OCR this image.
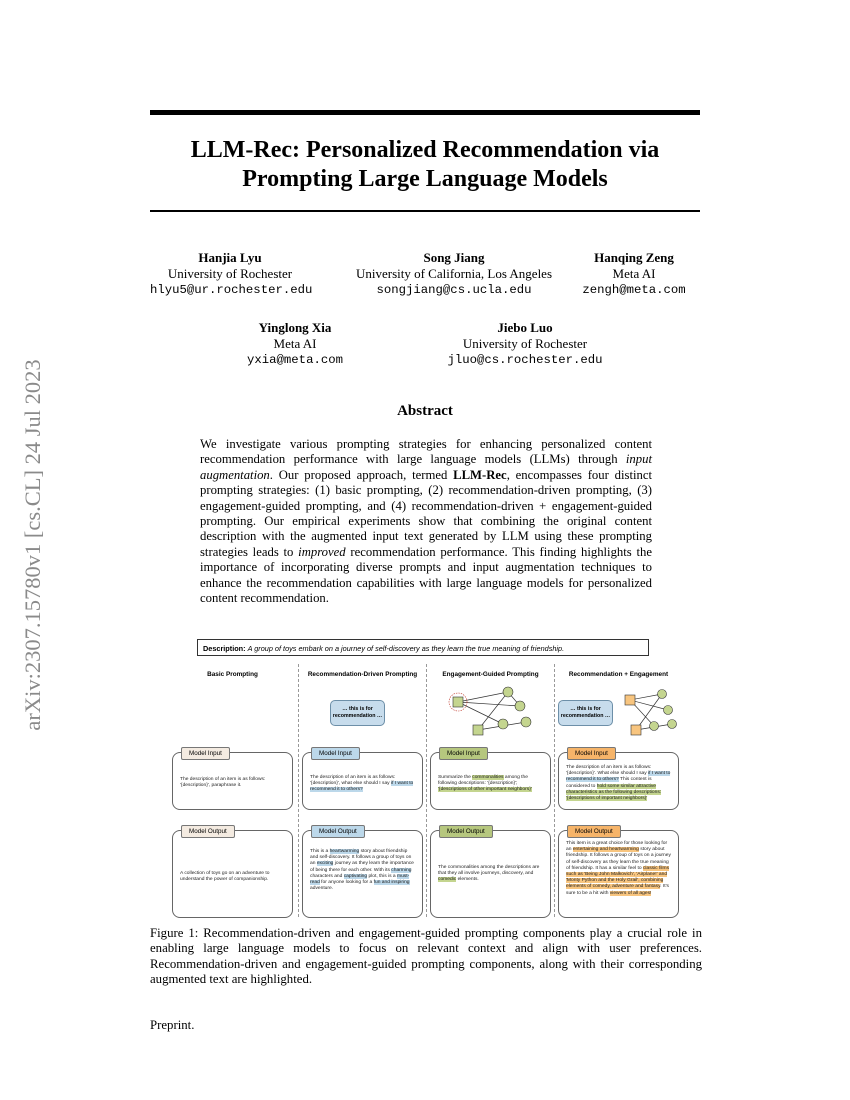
arXiv:2307.15780v1 [cs.CL] 24 Jul 2023
LLM-Rec: Personalized Recommendation via
Prompting Large Language Models
Hanjia Lyu
University of Rochester
hlyu5@ur.rochester.edu
Song Jiang
University of California, Los Angeles
songjiang@cs.ucla.edu
Hanqing Zeng
Meta AI
zengh@meta.com
Yinglong Xia
Meta AI
yxia@meta.com
Jiebo Luo
University of Rochester
jluo@cs.rochester.edu
Abstract

We investigate various prompting strategies for enhancing personalized content recommendation performance with large language models (LLMs) through input augmentation. Our proposed approach, termed LLM-Rec, encompasses four distinct prompting strategies: (1) basic prompting, (2) recommendation-driven prompting, (3) engagement-guided prompting, and (4) recommendation-driven + engagement-guided prompting. Our empirical experiments show that combining the original content description with the augmented input text generated by LLM using these prompting strategies leads to improved recommendation performance. This finding highlights the importance of incorporating diverse prompts and input augmentation techniques to enhance the recommendation capabilities with large language models for personalized content recommendation.

Description: A group of toys embark on a journey of self-discovery as they learn the true meaning of friendship.
Basic Prompting
Model Input
The description of an item is as follows: '{description}', paraphrase it.
Model Output
A collection of toys go on an adventure to understand the power of companionship.
Recommendation-Driven Prompting
… this is for recommendation …
Model Input
The description of an item is as follows: '{description}', what else should I say if I want to recommend it to others?
Model Output
This is a heartwarming story about friendship and self-discovery. It follows a group of toys on an exciting journey as they learn the importance of being there for each other. With its charming characters and captivating plot, this is a must-read for anyone looking for a fun and inspiring adventure.
Engagement-Guided Prompting
Model Input
Summarize the commonalities among the following descriptions: '{description}'; '{descriptions of other important neighbors}'
Model Output
The commonalities among the descriptions are that they all involve journeys, discovery, and comedic elements.
Recommendation + Engagement
… this is for recommendation …
Model Input
The description of an item is as follows: '{description}'. What else should I say if I want to recommend it to others? This content is considered to hold some similar attractive characteristics as the following descriptions: '{descriptions of important neighbors}'
Model Output
This item is a great choice for those looking for an entertaining and heartwarming story about friendship. It follows a group of toys on a journey of self-discovery as they learn the true meaning of friendship. It has a similar feel to classic films such as 'Being John Malkovich', 'Airplane!' and 'Monty Python and the Holy Grail', combining elements of comedy, adventure and fantasy. It's sure to be a hit with viewers of all ages!
Figure 1: Recommendation-driven and engagement-guided prompting components play a crucial role in enabling large language models to focus on relevant context and align with user preferences. Recommendation-driven and engagement-guided prompting components, along with their corresponding augmented text are highlighted.
Preprint.
